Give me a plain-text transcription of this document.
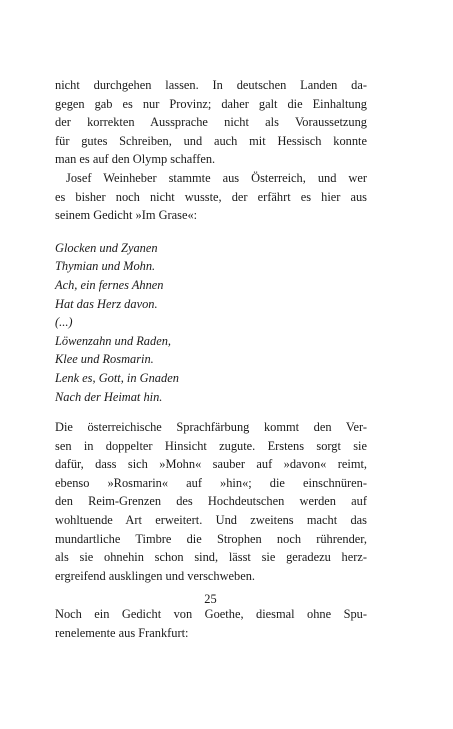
nicht durchgehen lassen. In deutschen Landen da-
gegen gab es nur Provinz; daher galt die Einhaltung
der korrekten Aussprache nicht als Voraussetzung
für gutes Schreiben, und auch mit Hessisch konnte
man es auf den Olymp schaffen.

Josef Weinheber stammte aus Österreich, und wer
es bisher noch nicht wusste, der erfährt es hier aus
seinem Gedicht »Im Grase«:

Glocken und Zyanen
Thymian und Mohn.
Ach, ein fernes Ahnen
Hat das Herz davon.
(...)
Löwenzahn und Raden,
Klee und Rosmarin.
Lenk es, Gott, in Gnaden
Nach der Heimat hin.

Die österreichische Sprachfärbung kommt den Ver-
sen in doppelter Hinsicht zugute. Erstens sorgt sie
dafür, dass sich »Mohn« sauber auf »davon« reimt,
ebenso »Rosmarin« auf »hin«; die einschnüren-
den Reim-Grenzen des Hochdeutschen werden auf
wohltuende Art erweitert. Und zweitens macht das
mundartliche Timbre die Strophen noch rührender,
als sie ohnehin schon sind, lässt sie geradezu herz-
ergreifend ausklingen und verschweben.

Noch ein Gedicht von Goethe, diesmal ohne Spu-
renelemente aus Frankfurt:

25
